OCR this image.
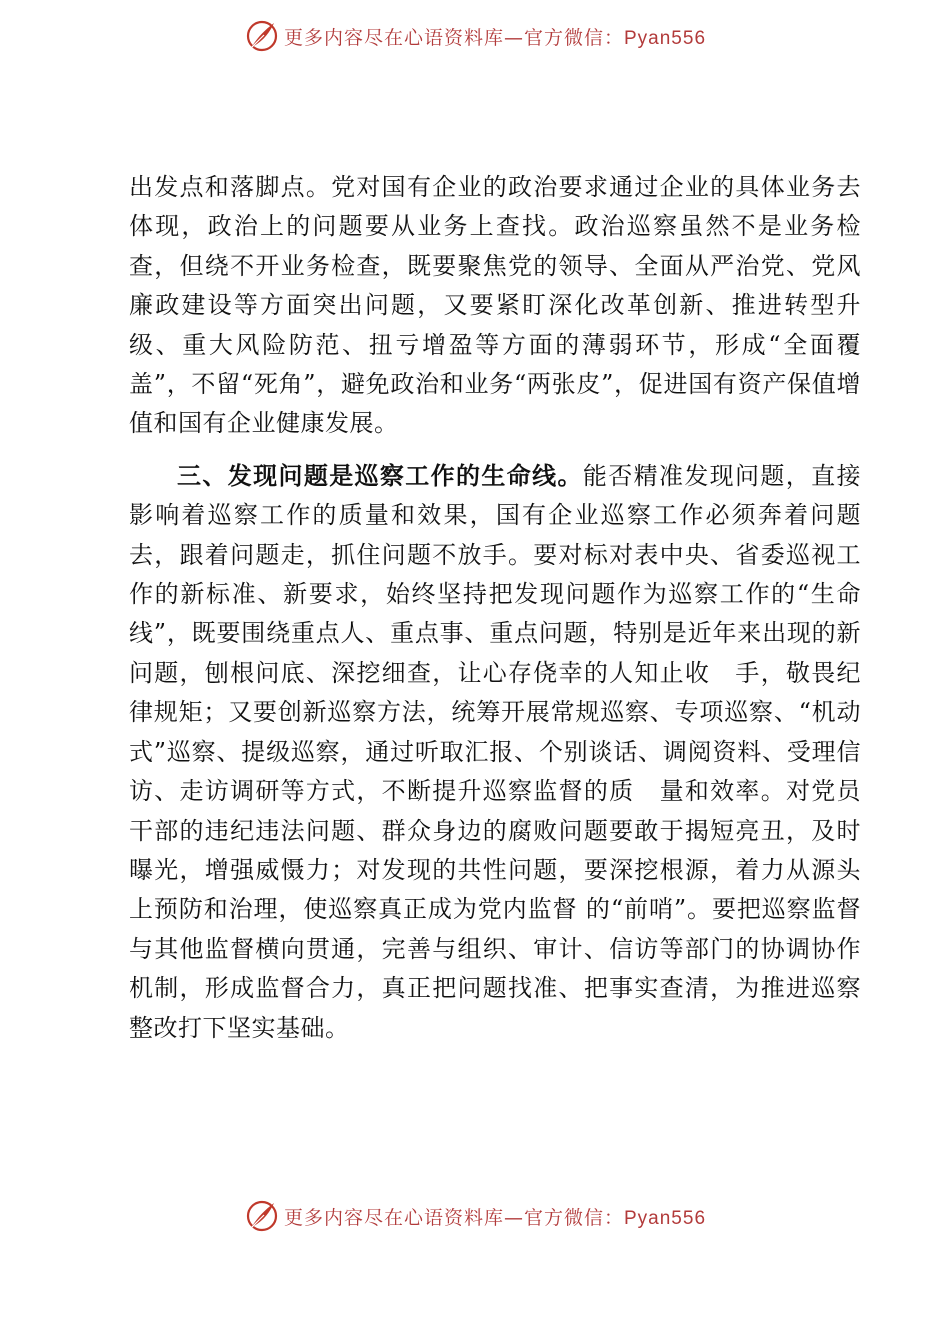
更多内容尽在心语资料库—官方微信：Pyan556

出发点和落脚点。党对国有企业的政治要求通过企业的具体业务去体现，政治上的问题要从业务上查找。政治巡察虽然不是业务检查，但绕不开业务检查，既要聚焦党的领导、全面从严治党、党风廉政建设等方面突出问题，又要紧盯深化改革创新、推进转型升级、重大风险防范、扭亏增盈等方面的薄弱环节，形成“全面覆盖”，不留“死角”，避免政治和业务“两张皮”，促进国有资产保值增值和国有企业健康发展。

三、发现问题是巡察工作的生命线。能否精准发现问题，直接影响着巡察工作的质量和效果，国有企业巡察工作必须奔着问题去，跟着问题走，抓住问题不放手。要对标对表中央、省委巡视工作的新标准、新要求，始终坚持把发现问题作为巡察工作的“生命线”，既要围绕重点人、重点事、重点问题，特别是近年来出现的新问题，刨根问底、深挖细查，让心存侥幸的人知止收　手，敬畏纪律规矩；又要创新巡察方法，统筹开展常规巡察、专项巡察、“机动式”巡察、提级巡察，通过听取汇报、个别谈话、调阅资料、受理信访、走访调研等方式，不断提升巡察监督的质　量和效率。对党员干部的违纪违法问题、群众身边的腐败问题要敢于揭短亮丑，及时曝光，增强威慑力；对发现的共性问题，要深挖根源，着力从源头上预防和治理，使巡察真正成为党内监督 的“前哨”。要把巡察监督与其他监督横向贯通，完善与组织、审计、信访等部门的协调协作机制，形成监督合力，真正把问题找准、把事实查清，为推进巡察整改打下坚实基础。

更多内容尽在心语资料库—官方微信：Pyan556
